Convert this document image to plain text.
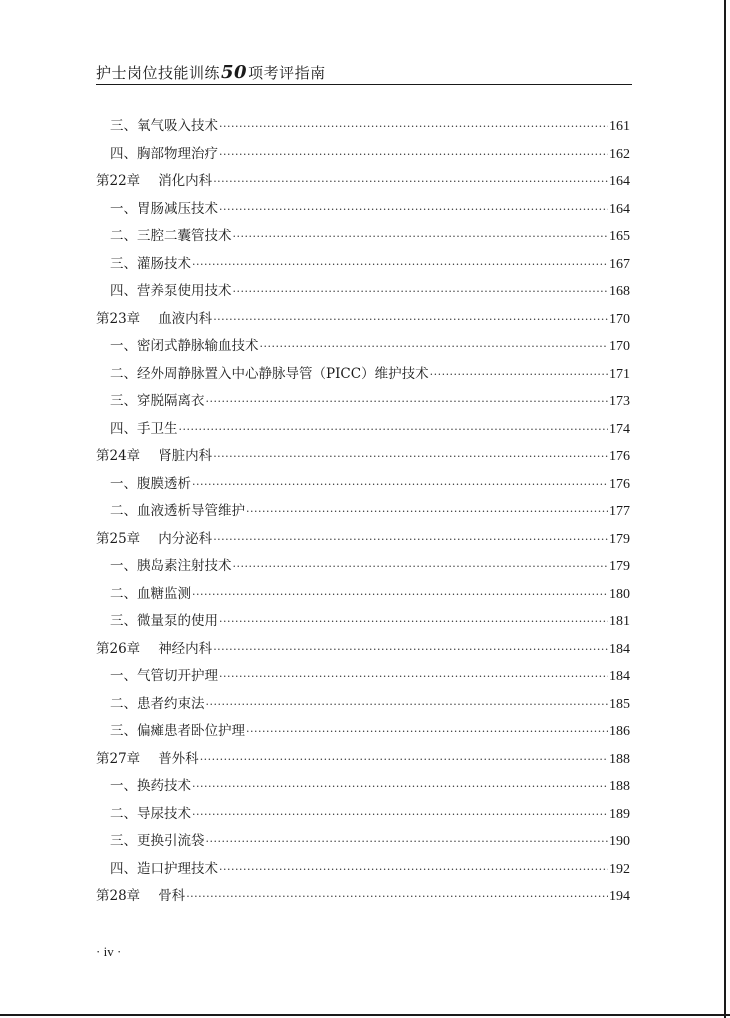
护士岗位技能训练50项考评指南
三、氧气吸入技术 ·····	161
四、胸部物理治疗 ·····	162
第22章 消化内科 ·····	164
一、胃肠减压技术 ·····	164
二、三腔二囊管技术 ·····	165
三、灌肠技术 ·····	167
四、营养泵使用技术 ·····	168
第23章 血液内科 ·····	170
一、密闭式静脉输血技术 ·····	170
二、经外周静脉置入中心静脉导管（PICC）维护技术 ·····	171
三、穿脱隔离衣 ·····	173
四、手卫生 ·····	174
第24章 肾脏内科 ·····	176
一、腹膜透析 ·····	176
二、血液透析导管维护 ·····	177
第25章 内分泌科 ·····	179
一、胰岛素注射技术 ·····	179
二、血糖监测 ·····	180
三、微量泵的使用 ·····	181
第26章 神经内科 ·····	184
一、气管切开护理 ·····	184
二、患者约束法 ·····	185
三、偏瘫患者卧位护理 ·····	186
第27章 普外科 ·····	188
一、换药技术 ·····	188
二、导尿技术 ·····	189
三、更换引流袋 ·····	190
四、造口护理技术 ·····	192
第28章 骨科 ·····	194
· iv ·
